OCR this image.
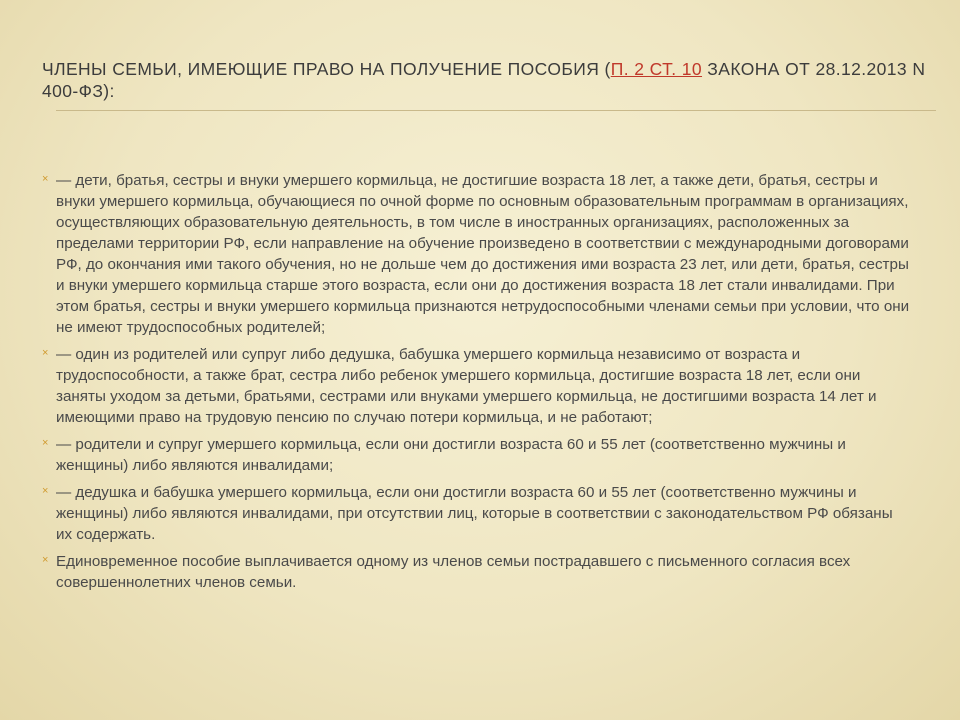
ЧЛЕНЫ СЕМЬИ, ИМЕЮЩИЕ ПРАВО НА ПОЛУЧЕНИЕ ПОСОБИЯ (П. 2 СТ. 10 ЗАКОНА ОТ 28.12.2013 N 400-ФЗ):
× — дети, братья, сестры и внуки умершего кормильца, не достигшие возраста 18 лет, а также дети, братья, сестры и внуки умершего кормильца, обучающиеся по очной форме по основным образовательным программам в организациях, осуществляющих образовательную деятельность, в том числе в иностранных организациях, расположенных за пределами территории РФ, если направление на обучение произведено в соответствии с международными договорами РФ, до окончания ими такого обучения, но не дольше чем до достижения ими возраста 23 лет, или дети, братья, сестры и внуки умершего кормильца старше этого возраста, если они до достижения возраста 18 лет стали инвалидами. При этом братья, сестры и внуки умершего кормильца признаются нетрудоспособными членами семьи при условии, что они не имеют трудоспособных родителей;
× — один из родителей или супруг либо дедушка, бабушка умершего кормильца независимо от возраста и трудоспособности, а также брат, сестра либо ребенок умершего кормильца, достигшие возраста 18 лет, если они заняты уходом за детьми, братьями, сестрами или внуками умершего кормильца, не достигшими возраста 14 лет и имеющими право на трудовую пенсию по случаю потери кормильца, и не работают;
× — родители и супруг умершего кормильца, если они достигли возраста 60 и 55 лет (соответственно мужчины и женщины) либо являются инвалидами;
× — дедушка и бабушка умершего кормильца, если они достигли возраста 60 и 55 лет (соответственно мужчины и женщины) либо являются инвалидами, при отсутствии лиц, которые в соответствии с законодательством РФ обязаны их содержать.
× Единовременное пособие выплачивается одному из членов семьи пострадавшего с письменного согласия всех совершеннолетних членов семьи.
